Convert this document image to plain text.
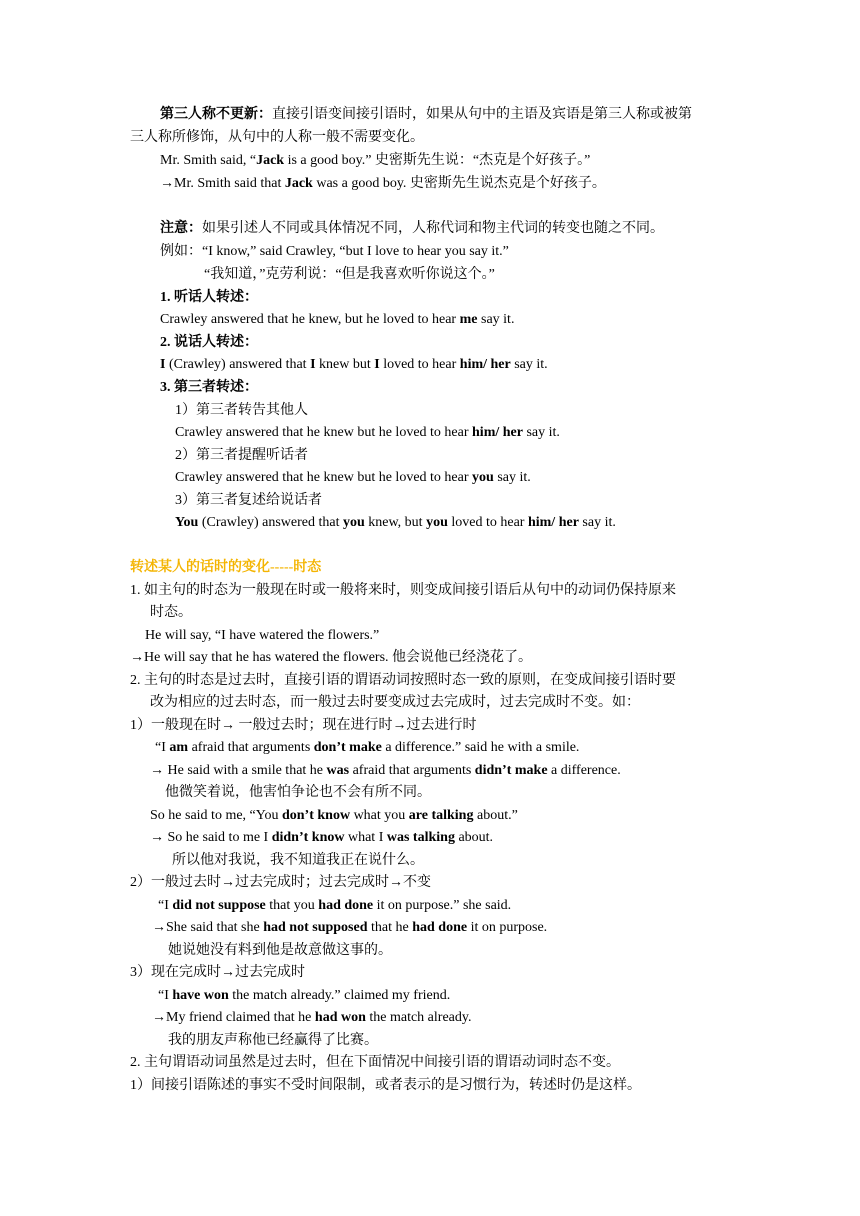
第三人称不更新：直接引语变间接引语时，如果从句中的主语及宾语是第三人称或被第
三人称所修饰，从句中的人称一般不需要变化。
Mr. Smith said, “Jack is a good boy.” 史密斯先生说：“杰克是个好孩子。”
→Mr. Smith said that Jack was a good boy. 史密斯先生说杰克是个好孩子。
注意：如果引述人不同或具体情况不同，人称代词和物主代词的转变也随之不同。
例如：“I know,” said Crawley, “but I love to hear you say it.”
“我知道，”克劳利说：“但是我喜欢听你说这个。”
1. 听话人转述：
Crawley answered that he knew, but he loved to hear me say it.
2. 说话人转述：
I (Crawley) answered that I knew but I loved to hear him/ her say it.
3. 第三者转述：
1）第三者转告其他人
Crawley answered that he knew but he loved to hear him/ her say it.
2）第三者提醒听话者
Crawley answered that he knew but he loved to hear you say it.
3）第三者复述给说话者
You (Crawley) answered that you knew, but you loved to hear him/ her say it.
转述某人的话时的变化-----时态
1. 如主句的时态为一般现在时或一般将来时，则变成间接引语后从句中的动词仍保持原来
时态。
He will say, “I have watered the flowers.”
→He will say that he has watered the flowers. 他会说他已经浇花了。
2. 主句的时态是过去时，直接引语的谓语动词按照时态一致的原则，在变成间接引语时要
改为相应的过去时态，而一般过去时要变成过去完成时，过去完成时不变。如：
1）一般现在时→ 一般过去时；现在进行时→过去进行时
“I am afraid that arguments don’t make a difference.” said he with a smile.
→ He said with a smile that he was afraid that arguments didn’t make a difference.
他微笑着说，他害怕争论也不会有所不同。
So he said to me, “You don’t know what you are talking about.”
→ So he said to me I didn’t know what I was talking about.
所以他对我说，我不知道我正在说什么。
2）一般过去时→过去完成时；过去完成时→不变
“I did not suppose that you had done it on purpose.” she said.
→She said that she had not supposed that he had done it on purpose.
她说她没有料到他是故意做这事的。
3）现在完成时→过去完成时
“I have won the match already.” claimed my friend.
→My friend claimed that he had won the match already.
我的朋友声称他已经赢得了比赛。
2. 主句谓语动词虽然是过去时，但在下面情况中间接引语的谓语动词时态不变。
1）间接引语陈述的事实不受时间限制，或者表示的是习惯行为，转述时仍是这样。
